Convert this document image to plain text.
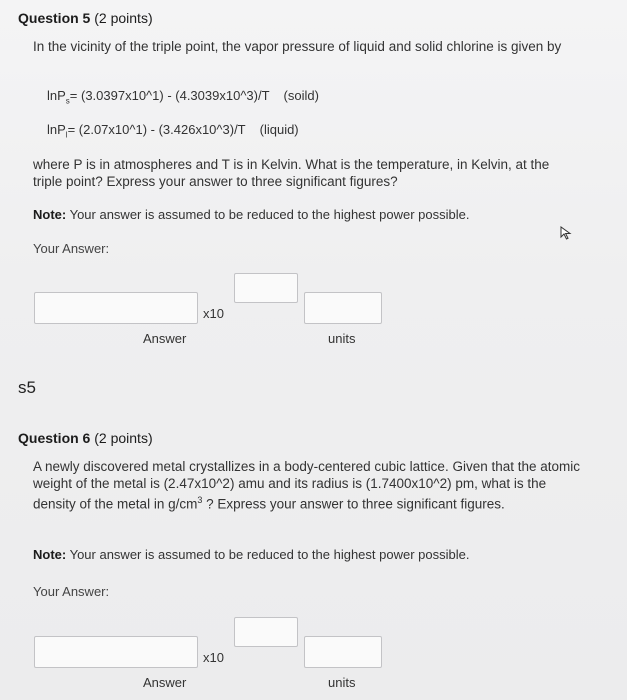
Question 5 (2 points)
In the vicinity of the triple point, the vapor pressure of liquid and solid chlorine is given by
lnP$_s$= (3.0397x10^1) - (4.3039x10^3)/T (soild)
lnP$_l$= (2.07x10^1) - (3.426x10^3)/T (liquid)
where P is in atmospheres and T is in Kelvin. What is the temperature, in Kelvin, at the triple point? Express your answer to three significant figures?
Note: Your answer is assumed to be reduced to the highest power possible.
Your Answer:
x10
Answer	units
s5
Question 6 (2 points)
A newly discovered metal crystallizes in a body-centered cubic lattice. Given that the atomic weight of the metal is (2.47x10^2) amu and its radius is (1.7400x10^2) pm, what is the density of the metal in $g/cm^3$ ? Express your answer to three significant figures.
Note: Your answer is assumed to be reduced to the highest power possible.
Your Answer:
x10
Answer	units
